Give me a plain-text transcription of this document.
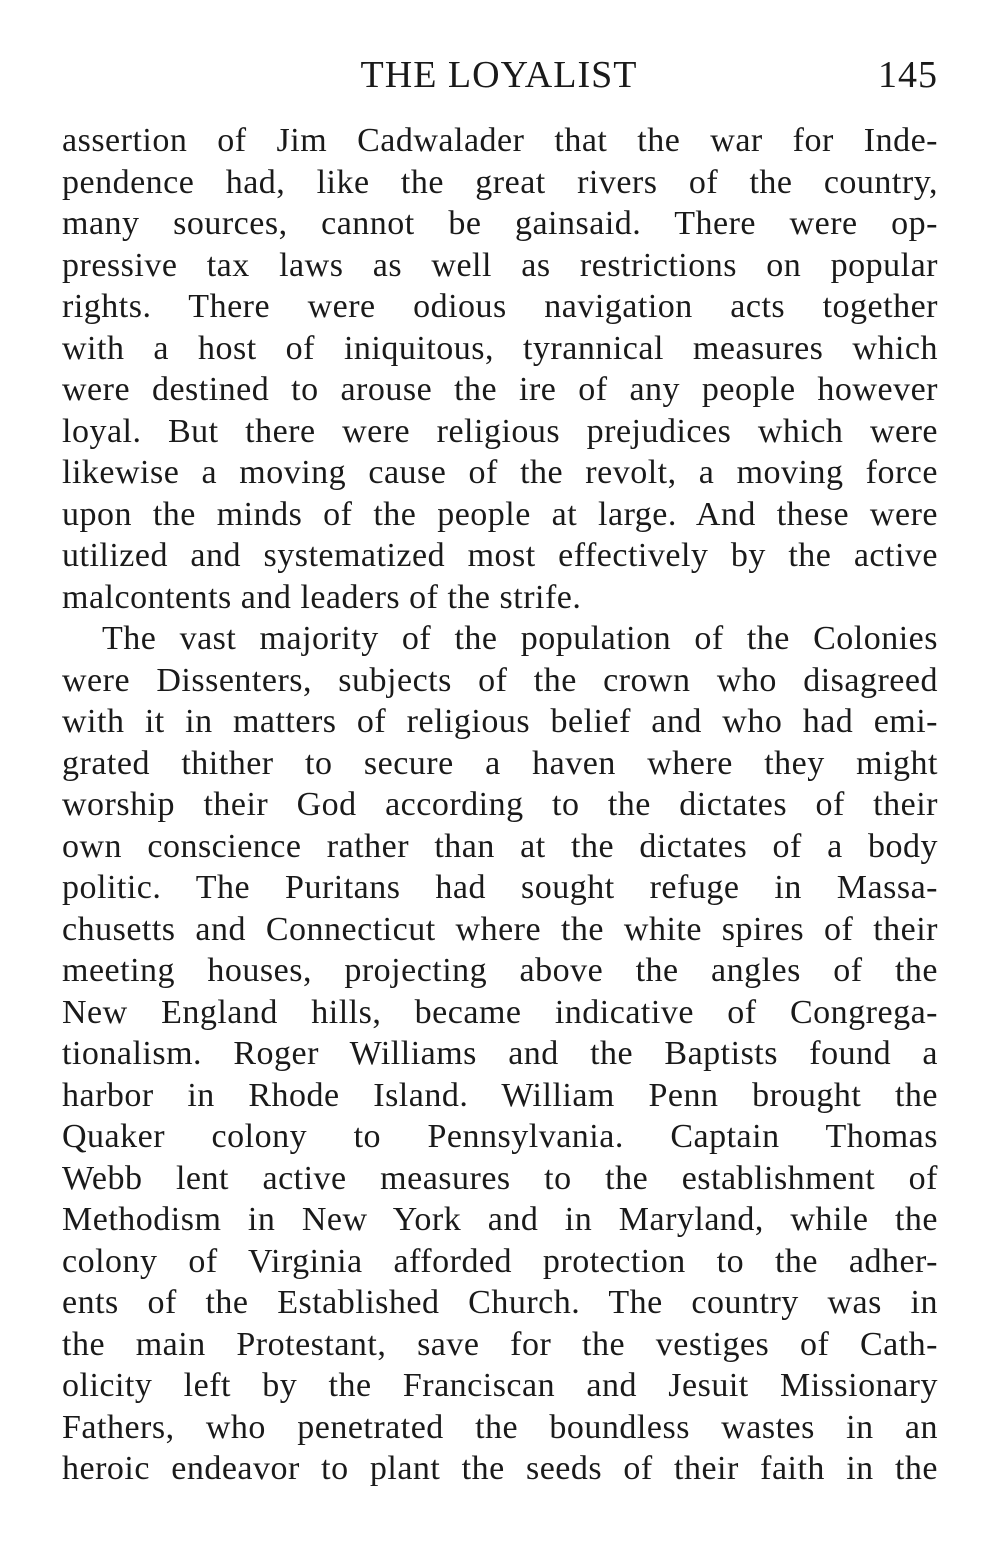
THE LOYALIST	145
assertion of Jim Cadwalader that the war for Inde-
pendence had, like the great rivers of the country,
many sources, cannot be gainsaid. There were op-
pressive tax laws as well as restrictions on popular
rights. There were odious navigation acts together
with a host of iniquitous, tyrannical measures which
were destined to arouse the ire of any people however
loyal. But there were religious prejudices which were
likewise a moving cause of the revolt, a moving force
upon the minds of the people at large. And these were
utilized and systematized most effectively by the active
malcontents and leaders of the strife.
The vast majority of the population of the Colonies
were Dissenters, subjects of the crown who disagreed
with it in matters of religious belief and who had emi-
grated thither to secure a haven where they might
worship their God according to the dictates of their
own conscience rather than at the dictates of a body
politic. The Puritans had sought refuge in Massa-
chusetts and Connecticut where the white spires of their
meeting houses, projecting above the angles of the
New England hills, became indicative of Congrega-
tionalism. Roger Williams and the Baptists found a
harbor in Rhode Island. William Penn brought the
Quaker colony to Pennsylvania. Captain Thomas
Webb lent active measures to the establishment of
Methodism in New York and in Maryland, while the
colony of Virginia afforded protection to the adher-
ents of the Established Church. The country was in
the main Protestant, save for the vestiges of Cath-
olicity left by the Franciscan and Jesuit Missionary
Fathers, who penetrated the boundless wastes in an
heroic endeavor to plant the seeds of their faith in the
